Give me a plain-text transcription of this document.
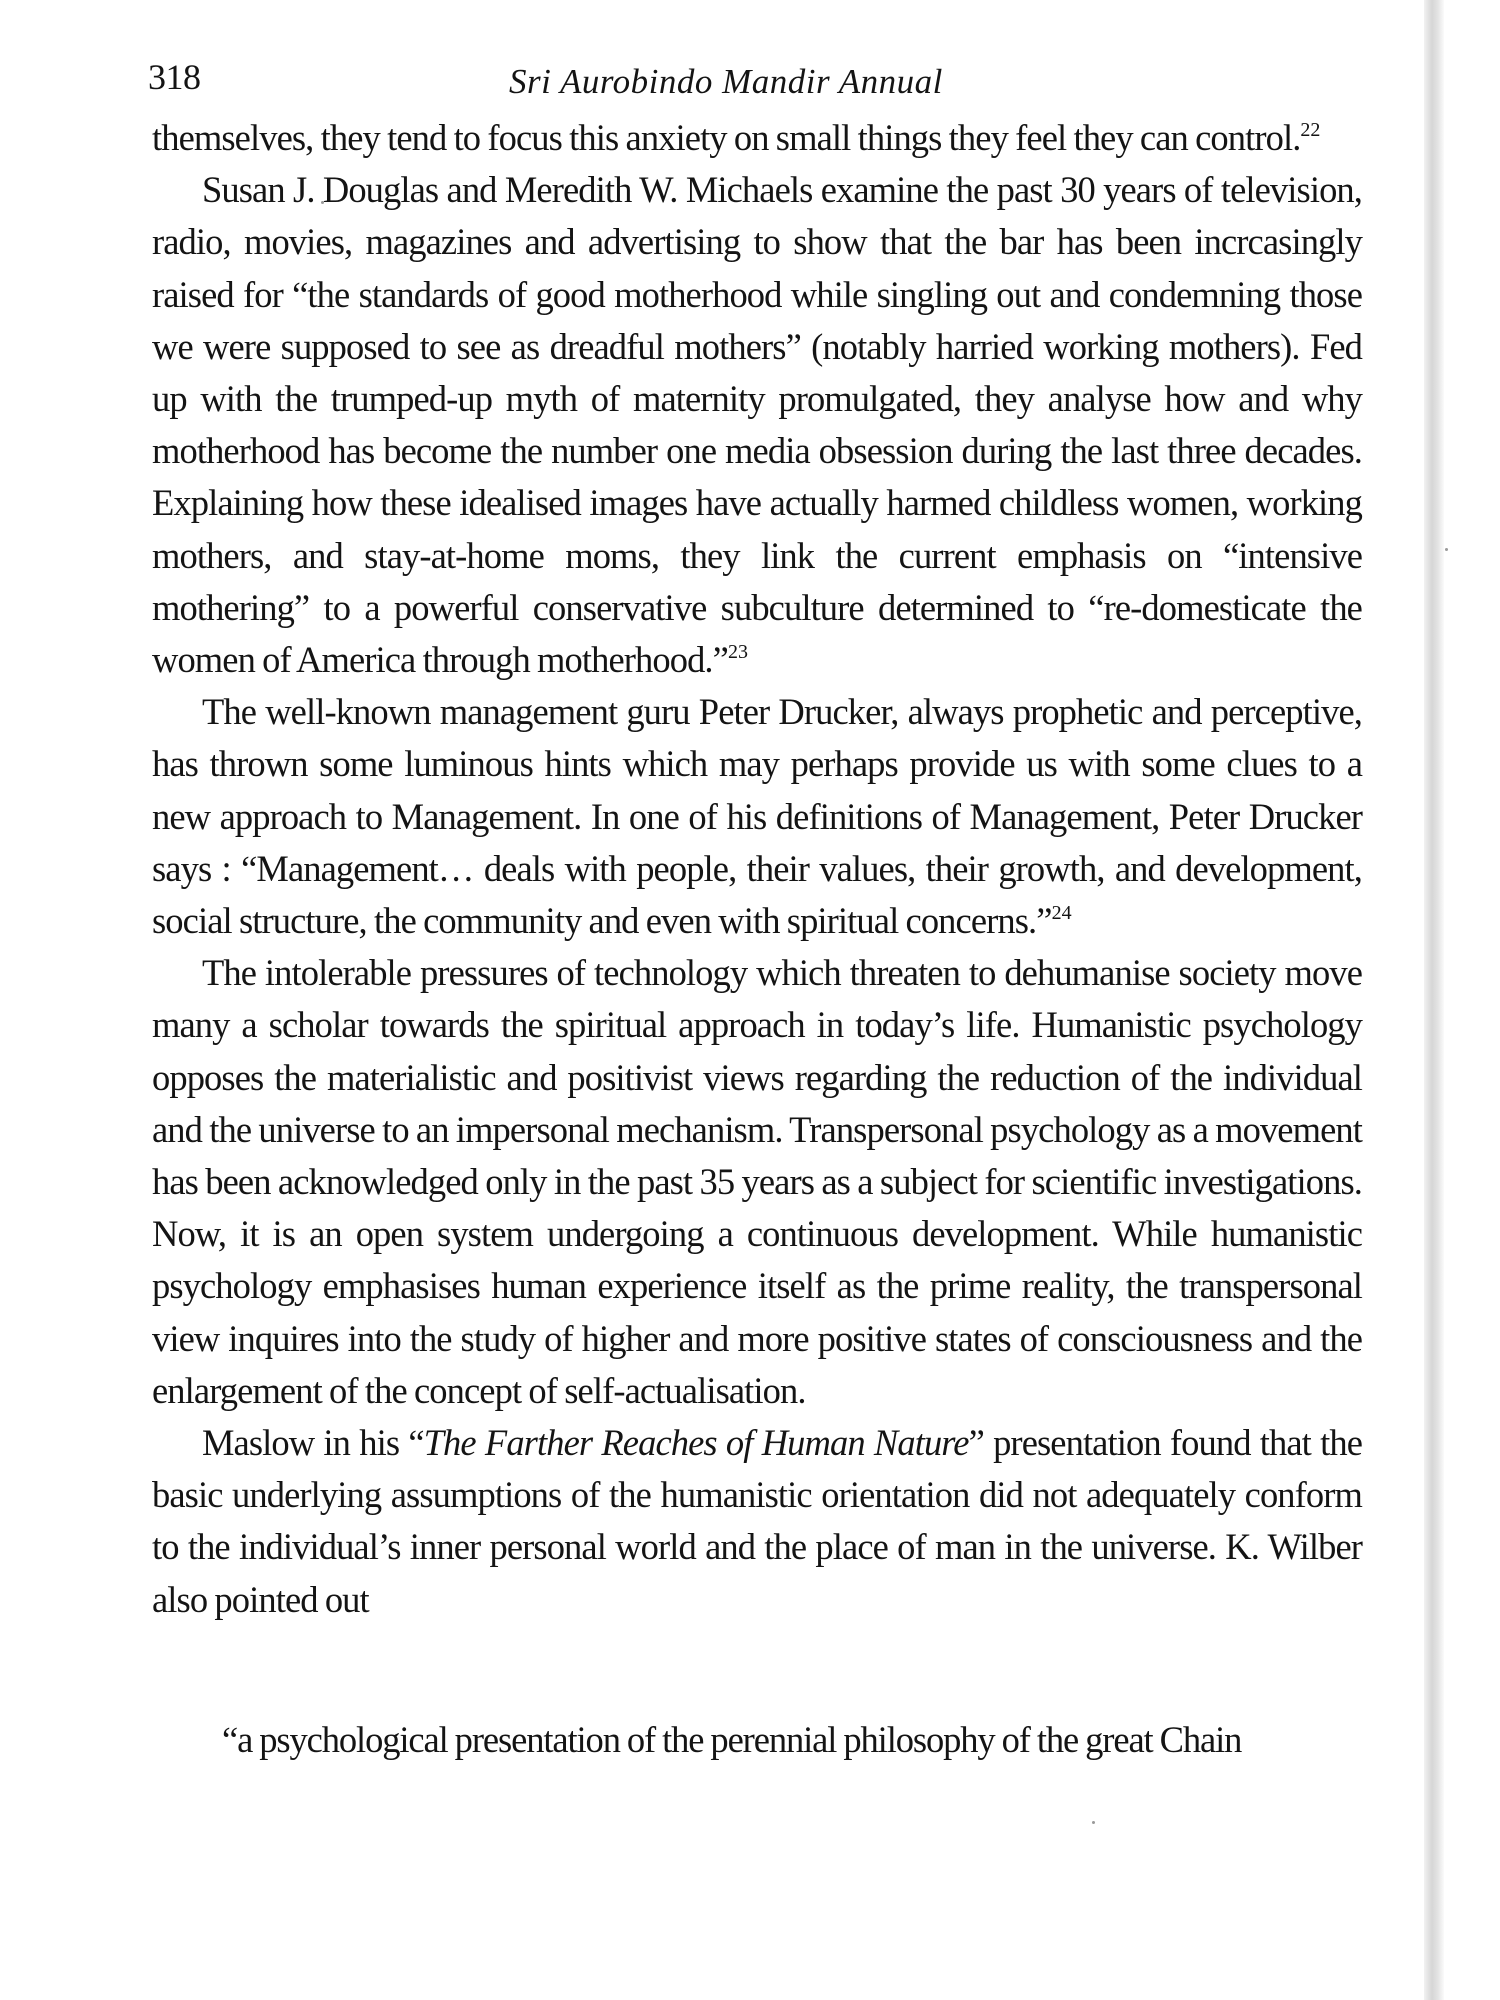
318	Sri Aurobindo Mandir Annual

themselves, they tend to focus this anxiety on small things they feel they can control.$^{22}$

Susan J. Douglas and Meredith W. Michaels examine the past 30 years of television, radio, movies, magazines and advertising to show that the bar has been incrcasingly raised for “the standards of good motherhood while singling out and condemning those we were supposed to see as dreadful mothers” (notably harried working mothers). Fed up with the trumped-up myth of maternity promulgated, they analyse how and why motherhood has become the number one media obsession during the last three decades. Explaining how these idealised images have actually harmed childless women, working mothers, and stay-at-home moms, they link the current emphasis on “intensive mothering” to a powerful conservative subculture determined to “re-domesticate the women of America through motherhood.”$^{23}$

The well-known management guru Peter Drucker, always prophetic and perceptive, has thrown some luminous hints which may perhaps provide us with some clues to a new approach to Management. In one of his definitions of Management, Peter Drucker says : “Management… deals with people, their values, their growth, and development, social structure, the community and even with spiritual concerns.”$^{24}$

The intolerable pressures of technology which threaten to dehumanise society move many a scholar towards the spiritual approach in today’s life. Humanistic psychology opposes the materialistic and positivist views regarding the reduction of the individual and the universe to an impersonal mechanism. Transpersonal psychology as a movement has been acknowledged only in the past 35 years as a subject for scientific investigations. Now, it is an open system undergoing a continuous development. While humanistic psychology emphasises human experience itself as the prime reality, the transpersonal view inquires into the study of higher and more positive states of consciousness and the enlargement of the concept of self-actualisation.

Maslow in his “The Farther Reaches of Human Nature” presentation found that the basic underlying assumptions of the humanistic orientation did not adequately conform to the individual’s inner personal world and the place of man in the universe. K. Wilber also pointed out

“a psychological presentation of the perennial philosophy of the great Chain
